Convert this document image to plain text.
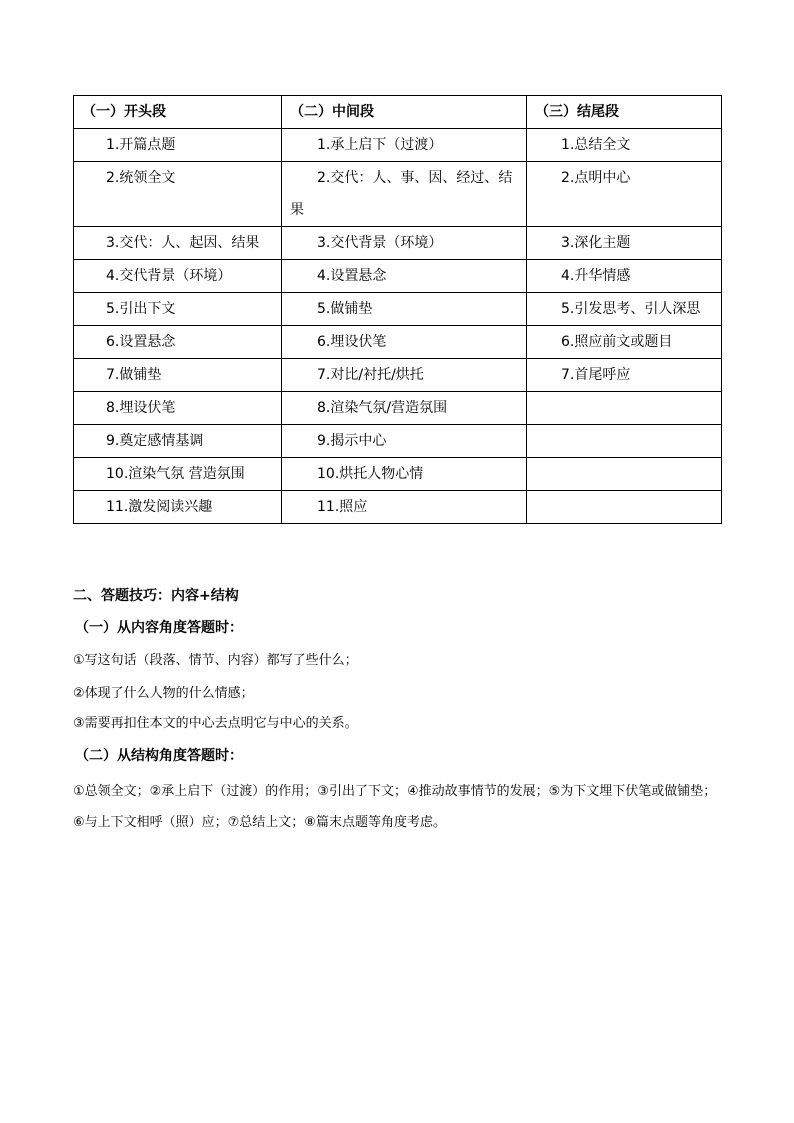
（一）开头段	（二）中间段	（三）结尾段
1.开篇点题	1.承上启下（过渡）	1.总结全文
2.统领全文	2.交代：人、事、因、经过、结果	2.点明中心
3.交代：人、起因、结果	3.交代背景（环境）	3.深化主题
4.交代背景（环境）	4.设置悬念	4.升华情感
5.引出下文	5.做铺垫	5.引发思考、引人深思
6.设置悬念	6.埋设伏笔	6.照应前文或题目
7.做铺垫	7.对比/衬托/烘托	7.首尾呼应
8.埋设伏笔	8.渲染气氛/营造氛围	
9.奠定感情基调	9.揭示中心	
10.渲染气氛 营造氛围	10.烘托人物心情	
11.激发阅读兴趣	11.照应	
二、答题技巧：内容+结构
（一）从内容角度答题时：
①写这句话（段落、情节、内容）都写了些什么；
②体现了什么人物的什么情感；
③需要再扣住本文的中心去点明它与中心的关系。
（二）从结构角度答题时：
①总领全文；②承上启下（过渡）的作用；③引出了下文；④推动故事情节的发展；⑤为下文埋下伏笔或做铺垫；⑥与上下文相呼（照）应；⑦总结上文；⑧篇末点题等角度考虑。
